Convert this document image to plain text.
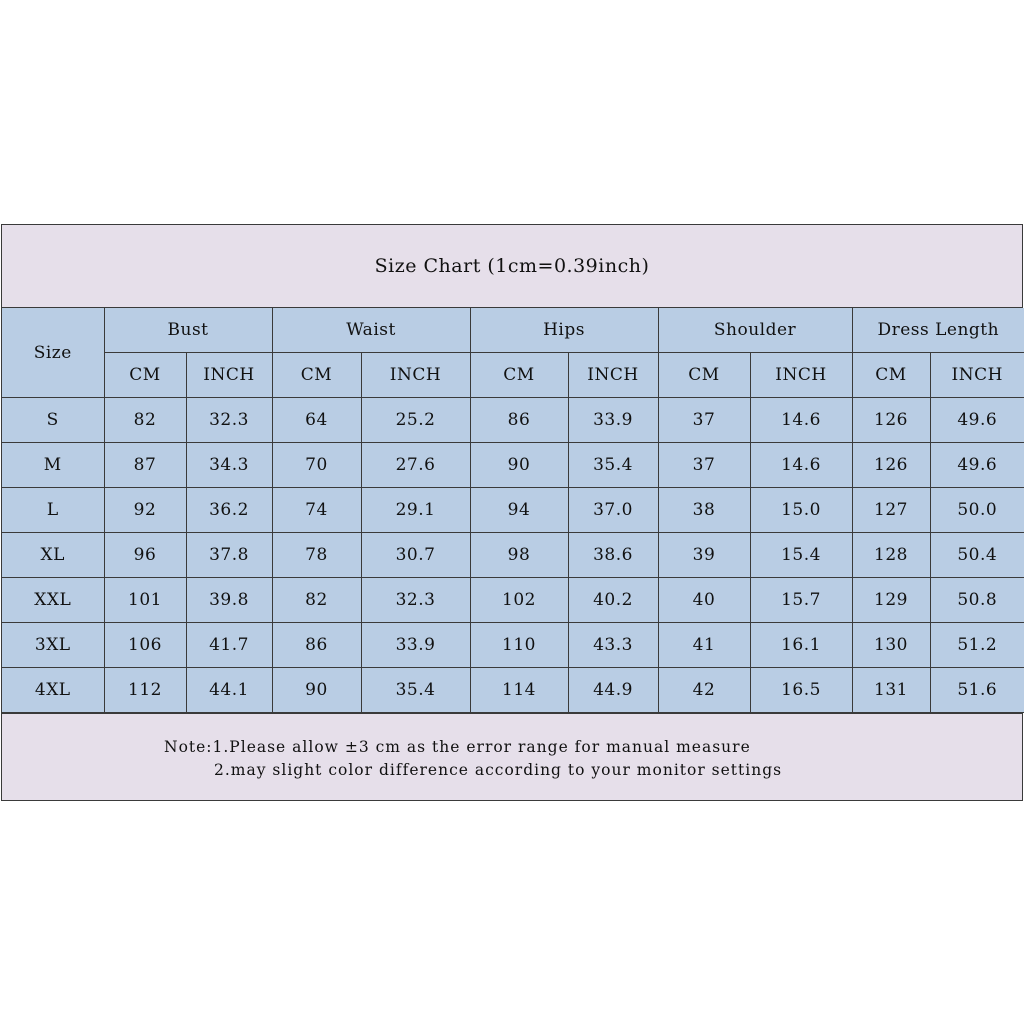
Size Chart (1cm=0.39inch)
Size	Bust		Waist		Hips		Shoulder		Dress Length	
	CM	INCH	CM	INCH	CM	INCH	CM	INCH	CM	INCH
S	82	32.3	64	25.2	86	33.9	37	14.6	126	49.6
M	87	34.3	70	27.6	90	35.4	37	14.6	126	49.6
L	92	36.2	74	29.1	94	37.0	38	15.0	127	50.0
XL	96	37.8	78	30.7	98	38.6	39	15.4	128	50.4
XXL	101	39.8	82	32.3	102	40.2	40	15.7	129	50.8
3XL	106	41.7	86	33.9	110	43.3	41	16.1	130	51.2
4XL	112	44.1	90	35.4	114	44.9	42	16.5	131	51.6
Note:1.Please allow ±3 cm as the error range for manual measure
2.may slight color difference according to your monitor settings
